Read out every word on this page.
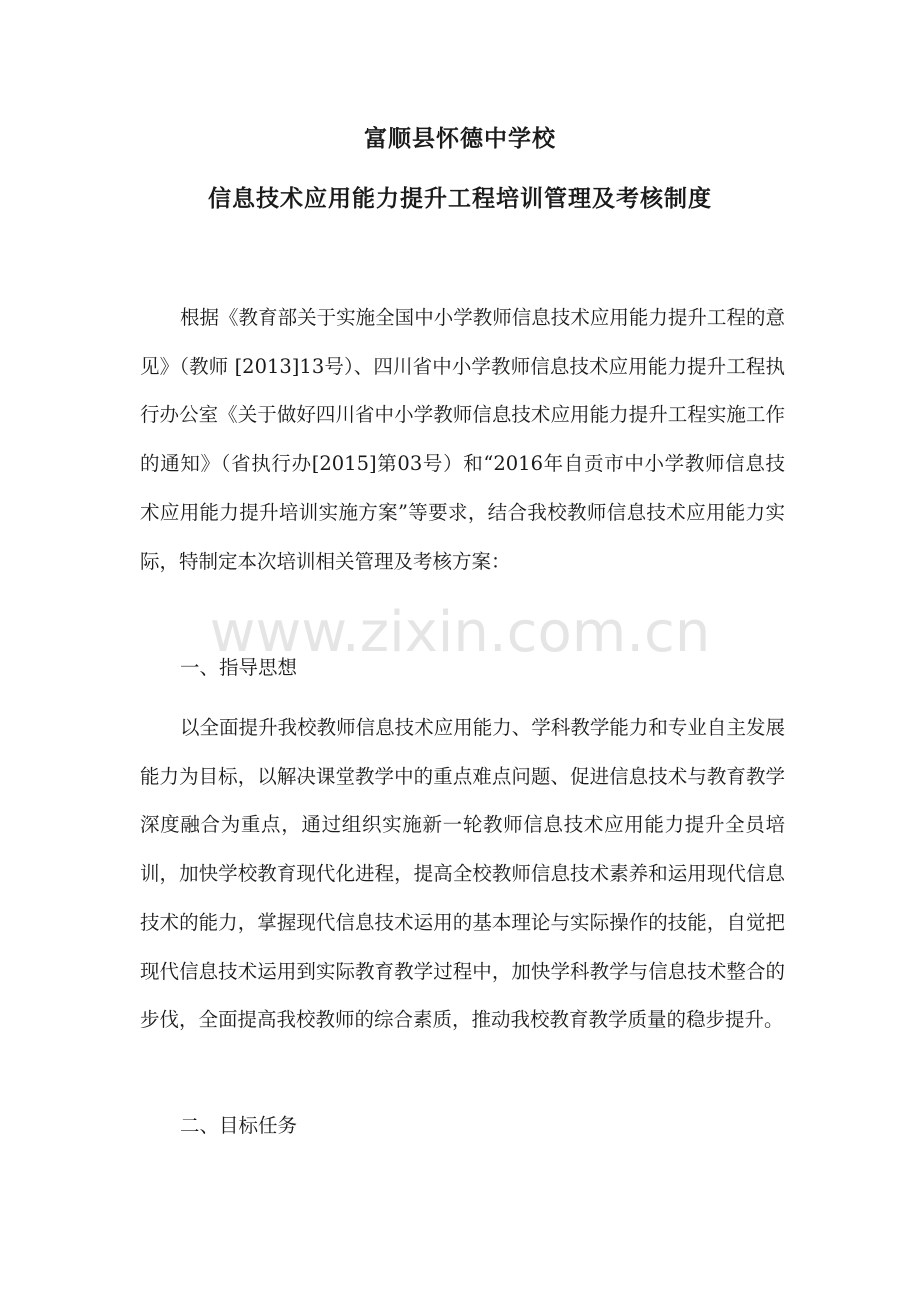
富顺县怀德中学校
信息技术应用能力提升工程培训管理及考核制度

根据《教育部关于实施全国中小学教师信息技术应用能力提升工程的意见》（教师 [2013]13号）、四川省中小学教师信息技术应用能力提升工程执行办公室《关于做好四川省中小学教师信息技术应用能力提升工程实施工作的通知》（省执行办[2015]第03号）和“2016年自贡市中小学教师信息技术应用能力提升培训实施方案”等要求，结合我校教师信息技术应用能力实际，特制定本次培训相关管理及考核方案：

一、指导思想

以全面提升我校教师信息技术应用能力、学科教学能力和专业自主发展能力为目标，以解决课堂教学中的重点难点问题、促进信息技术与教育教学深度融合为重点，通过组织实施新一轮教师信息技术应用能力提升全员培训，加快学校教育现代化进程，提高全校教师信息技术素养和运用现代信息技术的能力，掌握现代信息技术运用的基本理论与实际操作的技能，自觉把现代信息技术运用到实际教育教学过程中，加快学科教学与信息技术整合的步伐，全面提高我校教师的综合素质，推动我校教育教学质量的稳步提升。

二、目标任务

www.zixin.com.cn
